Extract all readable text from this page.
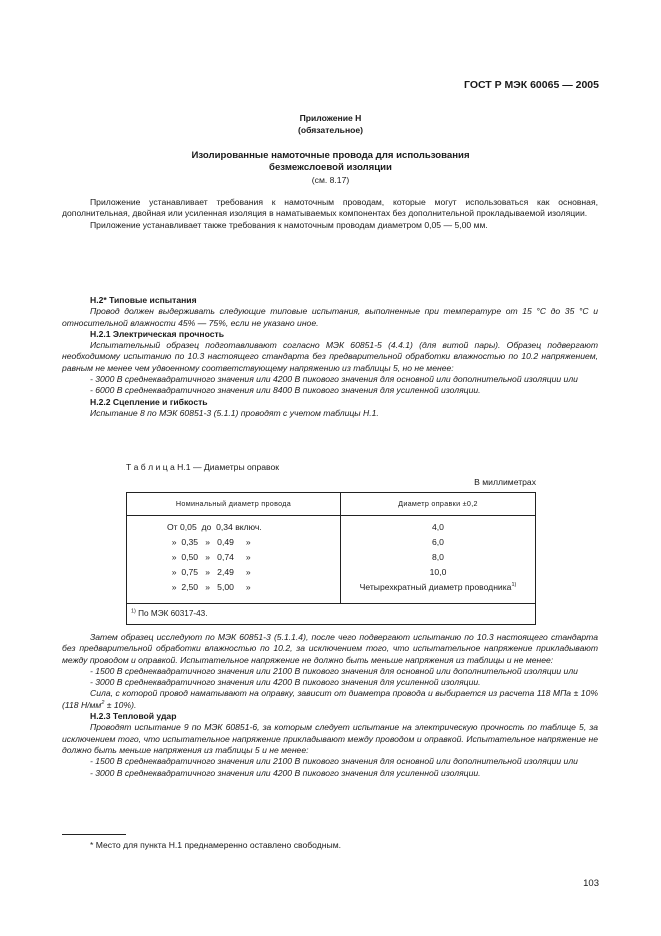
ГОСТ Р МЭК 60065 — 2005
Приложение Н
(обязательное)
Изолированные намоточные провода для использования
безмежслоевой изоляции
(см. 8.17)

Приложение устанавливает требования к намоточным проводам, которые могут использоваться как основная, дополнительная, двойная или усиленная изоляция в наматываемых компонентах без дополнительной прокладываемой изоляции.

Приложение устанавливает также требования к намоточным проводам диаметром 0,05 — 5,00 мм.

Н.2* Типовые испытания

Провод должен выдерживать следующие типовые испытания, выполненные при температуре от 15 °С до 35 °С и относительной влажности 45% — 75%, если не указано иное.

Н.2.1 Электрическая прочность

Испытательный образец подготавливают согласно МЭК 60851-5 (4.4.1) (для витой пары). Образец подвергают необходимому испытанию по 10.3 настоящего стандарта без предварительной обработки влажностью по 10.2 напряжением, равным не менее чем удвоенному соответствующему напряжению из таблицы 5, но не менее:

- 3000 В среднеквадратичного значения или 4200 В пикового значения для основной или дополнительной изоляции или

- 6000 В среднеквадратичного значения или 8400 В пикового значения для усиленной изоляции.

Н.2.2 Сцепление и гибкость

Испытание 8 по МЭК 60851-3 (5.1.1) проводят с учетом таблицы Н.1.

Т а б л и ц а Н.1 — Диаметры оправок
В миллиметрах
Номинальный диаметр провода	Диаметр оправки ±0,2
От 0,05  до  0,34 включ.	4,0
»  0,35   »   0,49     »	6,0
»  0,50   »   0,74     »	8,0
»  0,75   »   2,49     »	10,0
»  2,50   »   5,00     »	Четырехкратный диаметр проводника$^{1)}$
$^{1)}$ По МЭК 60317-43.	

Затем образец исследуют по МЭК 60851-3 (5.1.1.4), после чего подвергают испытанию по 10.3 настоящего стандарта без предварительной обработки влажностью по 10.2, за исключением того, что испытательное напряжение прикладывают между проводом и оправкой. Испытательное напряжение не должно быть меньше напряжения из таблицы и не менее:

- 1500 В среднеквадратичного значения или 2100 В пикового значения для основной или дополнительной изоляции или

- 3000 В среднеквадратичного значения или 4200 В пикового значения для усиленной изоляции.

Сила, с которой провод наматывают на оправку, зависит от диаметра провода и выбирается из расчета 118 МПа ± 10% (118 $Н/мм^2 \pm 10\%$).

Н.2.3 Тепловой удар

Проводят испытание 9 по МЭК 60851-6, за которым следует испытание на электрическую прочность по таблице 5, за исключением того, что испытательное напряжение прикладывают между проводом и оправкой. Испытательное напряжение не должно быть меньше напряжения из таблицы 5 и не менее:

- 1500 В среднеквадратичного значения или 2100 В пикового значения для основной или дополнительной изоляции или

- 3000 В среднеквадратичного значения или 4200 В пикового значения для усиленной изоляции.

* Место для пункта Н.1 преднамеренно оставлено свободным.
103
